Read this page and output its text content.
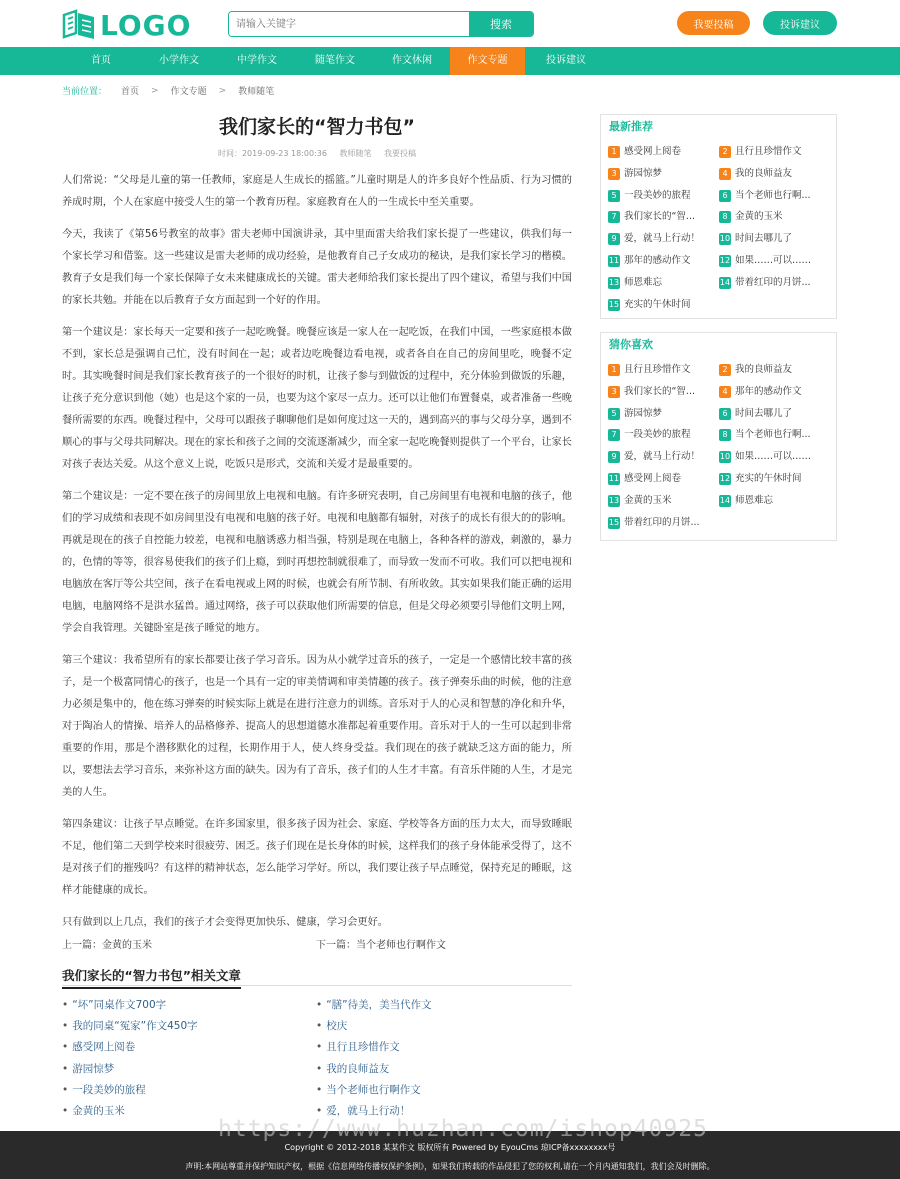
LOGO
请输入关键字	搜索	我要投稿	投诉建议
首页	小学作文	中学作文	随笔作文	作文休闲	作文专题	投诉建议
当前位置： 首页 > 作文专题 > 教师随笔
我们家长的“智力书包”
时间：2019-09-23 18:00:36 教师随笔 我要投稿

人们常说：“父母是儿童的第一任教师，家庭是人生成长的摇篮。”儿童时期是人的许多良好个性品质、行为习惯的养成时期，个人在家庭中接受人生的第一个教育历程。家庭教育在人的一生成长中至关重要。

今天，我读了《第56号教室的故事》雷夫老师中国演讲录，其中里面雷夫给我们家长提了一些建议，供我们每一个家长学习和借鉴。这一些建议是雷夫老师的成功经验，是他教育自己子女成功的秘诀，是我们家长学习的楷模。教育子女是我们每一个家长保障子女未来健康成长的关键。雷夫老师给我们家长提出了四个建议，希望与我们中国的家长共勉。并能在以后教育子女方面起到一个好的作用。

第一个建议是：家长每天一定要和孩子一起吃晚餐。晚餐应该是一家人在一起吃饭，在我们中国，一些家庭根本做不到，家长总是强调自己忙，没有时间在一起；或者边吃晚餐边看电视，或者各自在自己的房间里吃，晚餐不定时。其实晚餐时间是我们家长教育孩子的一个很好的时机，让孩子参与到做饭的过程中，充分体验到做饭的乐趣，让孩子充分意识到他（她）也是这个家的一员，也要为这个家尽一点力。还可以让他们布置餐桌，或者准备一些晚餐所需要的东西。晚餐过程中，父母可以跟孩子聊聊他们是如何度过这一天的，遇到高兴的事与父母分享，遇到不顺心的事与父母共同解决。现在的家长和孩子之间的交流逐渐减少，而全家一起吃晚餐则提供了一个平台，让家长对孩子表达关爱。从这个意义上说，吃饭只是形式，交流和关爱才是最重要的。

第二个建议是：一定不要在孩子的房间里放上电视和电脑。有许多研究表明，自己房间里有电视和电脑的孩子，他们的学习成绩和表现不如房间里没有电视和电脑的孩子好。电视和电脑都有辐射，对孩子的成长有很大的的影响。再就是现在的孩子自控能力较差，电视和电脑诱惑力相当强，特别是现在电脑上，各种各样的游戏，刺激的，暴力的，色情的等等，很容易使我们的孩子们上瘾，到时再想控制就很难了，而导致一发而不可收。我们可以把电视和电脑放在客厅等公共空间，孩子在看电视或上网的时候，也就会有所节制、有所收敛。其实如果我们能正确的运用电脑，电脑网络不是洪水猛兽。通过网络，孩子可以获取他们所需要的信息，但是父母必须要引导他们文明上网，学会自我管理。关键卧室是孩子睡觉的地方。

第三个建议：我希望所有的家长都要让孩子学习音乐。因为从小就学过音乐的孩子，一定是一个感情比较丰富的孩子，是一个极富同情心的孩子，也是一个具有一定的审美情调和审美情趣的孩子。孩子弹奏乐曲的时候，他的注意力必须是集中的，他在练习弹奏的时候实际上就是在进行注意力的训练。音乐对于人的心灵和智慧的净化和升华，对于陶冶人的情操、培养人的品格修养、提高人的思想道德水准都起着重要作用。音乐对于人的一生可以起到非常重要的作用，那是个潜移默化的过程，长期作用于人，使人终身受益。我们现在的孩子就缺乏这方面的能力，所以，要想法去学习音乐，来弥补这方面的缺失。因为有了音乐，孩子们的人生才丰富。有音乐伴随的人生，才是完美的人生。

第四条建议：让孩子早点睡觉。在许多国家里，很多孩子因为社会、家庭、学校等各方面的压力太大，而导致睡眠不足，他们第二天到学校来时很疲劳、困乏。孩子们现在是长身体的时候，这样我们的孩子身体能承受得了，这不是对孩子们的摧残吗？有这样的精神状态，怎么能学习学好。所以，我们要让孩子早点睡觉，保持充足的睡眠，这样才能健康的成长。

只有做到以上几点，我们的孩子才会变得更加快乐、健康，学习会更好。

上一篇：金黄的玉米	下一篇：当个老师也行啊作文
我们家长的“智力书包”相关文章
• “坏”同桌作文700字
• 我的同桌“冤家”作文450字
• 感受网上阅卷
• 游园惊梦
• 一段美妙的旅程
• 金黄的玉米
• “膳”待美，美当代作文
• 校庆
• 且行且珍惜作文
• 我的良师益友
• 当个老师也行啊作文
• 爱，就马上行动！
最新推荐
1 感受网上阅卷	2 且行且珍惜作文
3 游园惊梦	4 我的良师益友
5 一段美妙的旅程	6 当个老师也行啊...
7 我们家长的“智...	8 金黄的玉米
9 爱，就马上行动！ 10 时间去哪儿了
11 那年的感动作文	12 如果……可以……
13 师恩难忘	14 带着红印的月饼...
15 充实的午休时间
猜你喜欢
1 且行且珍惜作文	2 我的良师益友
3 我们家长的“智...	4 那年的感动作文
5 游园惊梦	6 时间去哪儿了
7 一段美妙的旅程	8 当个老师也行啊...
9 爱，就马上行动！ 10 如果……可以……
11 感受网上阅卷	12 充实的午休时间
13 金黄的玉米	14 师恩难忘
15 带着红印的月饼...
Copyright © 2012-2018 某某作文 版权所有 Powered by EyouCms 琼ICP备xxxxxxxx号
声明:本网站尊重并保护知识产权，根据《信息网络传播权保护条例》，如果我们转载的作品侵犯了您的权利,请在一个月内通知我们，我们会及时删除。
https://www.huzhan.com/ishop40925
